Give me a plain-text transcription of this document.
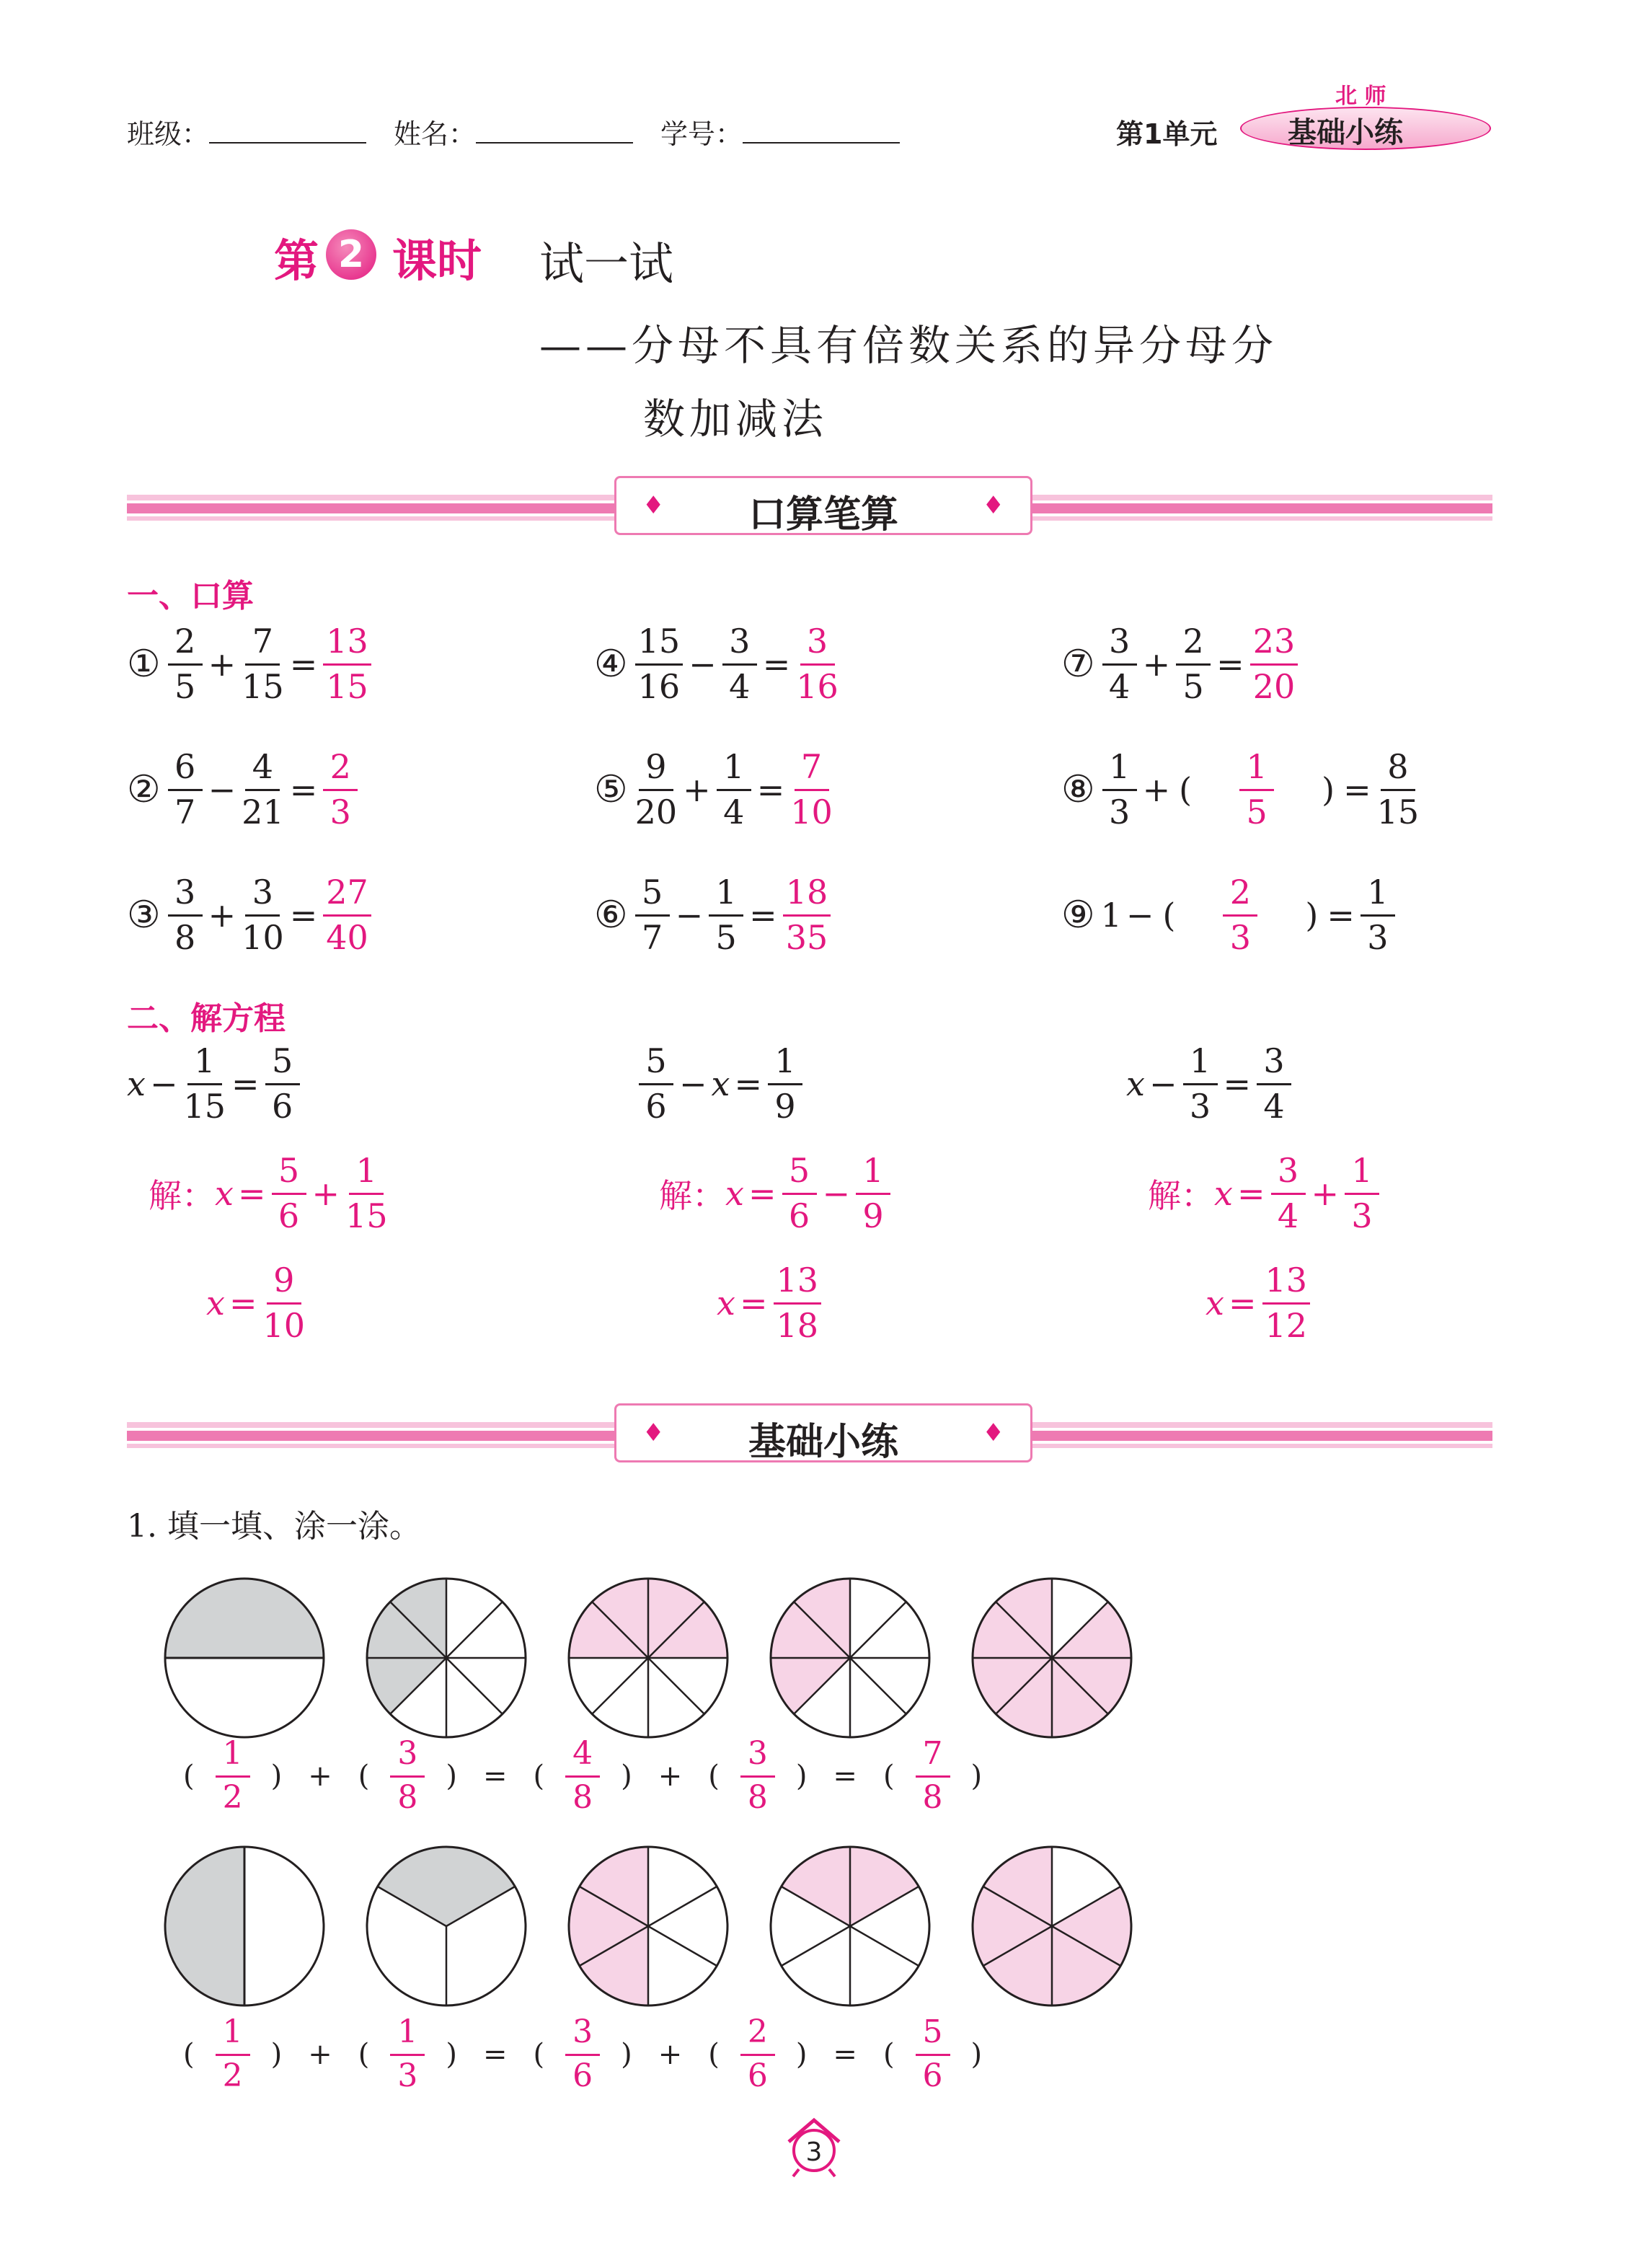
班级：	姓名：	学号：	第1单元
北 师
基础小练
第 2 课时 试一试
——分母不具有倍数关系的异分母分
数加减法
♦	口算笔算	♦
一、口算
① $\frac{2}{5} + \frac{7}{15} = \frac{13}{15}$
② $\frac{6}{7} - \frac{4}{21} = \frac{2}{3}$
③ $\frac{3}{8} + \frac{3}{10} = \frac{27}{40}$
④ $\frac{15}{16} - \frac{3}{4} = \frac{3}{16}$
⑤ $\frac{9}{20} + \frac{1}{4} = \frac{7}{10}$
⑥ $\frac{5}{7} - \frac{1}{5} = \frac{18}{35}$
⑦ $\frac{3}{4} + \frac{2}{5} = \frac{23}{20}$
⑧ $\frac{1}{3}$ + ( $\frac{1}{5}$ ) = $\frac{8}{15}$
⑨ 1 − ( $\frac{2}{3}$ ) = $\frac{1}{3}$
二、解方程
$x - \frac{1}{15} = \frac{5}{6}$
解： $x = \frac{5}{6} + \frac{1}{15}$
$x = \frac{9}{10}$
$\frac{5}{6} - x = \frac{1}{9}$
解： $x = \frac{5}{6} - \frac{1}{9}$
$x = \frac{13}{18}$
$x - \frac{1}{3} = \frac{3}{4}$
解： $x = \frac{3}{4} + \frac{1}{3}$
$x = \frac{13}{12}$
♦	基础小练	♦
1. 填一填、涂一涂。
( $\frac{1}{2}$ ) + ( $\frac{3}{8}$ ) = ( $\frac{4}{8}$ ) + ( $\frac{3}{8}$ ) = ( $\frac{7}{8}$ )
( $\frac{1}{2}$ ) + ( $\frac{1}{3}$ ) = ( $\frac{3}{6}$ ) + ( $\frac{2}{6}$ ) = ( $\frac{5}{6}$ )
3
